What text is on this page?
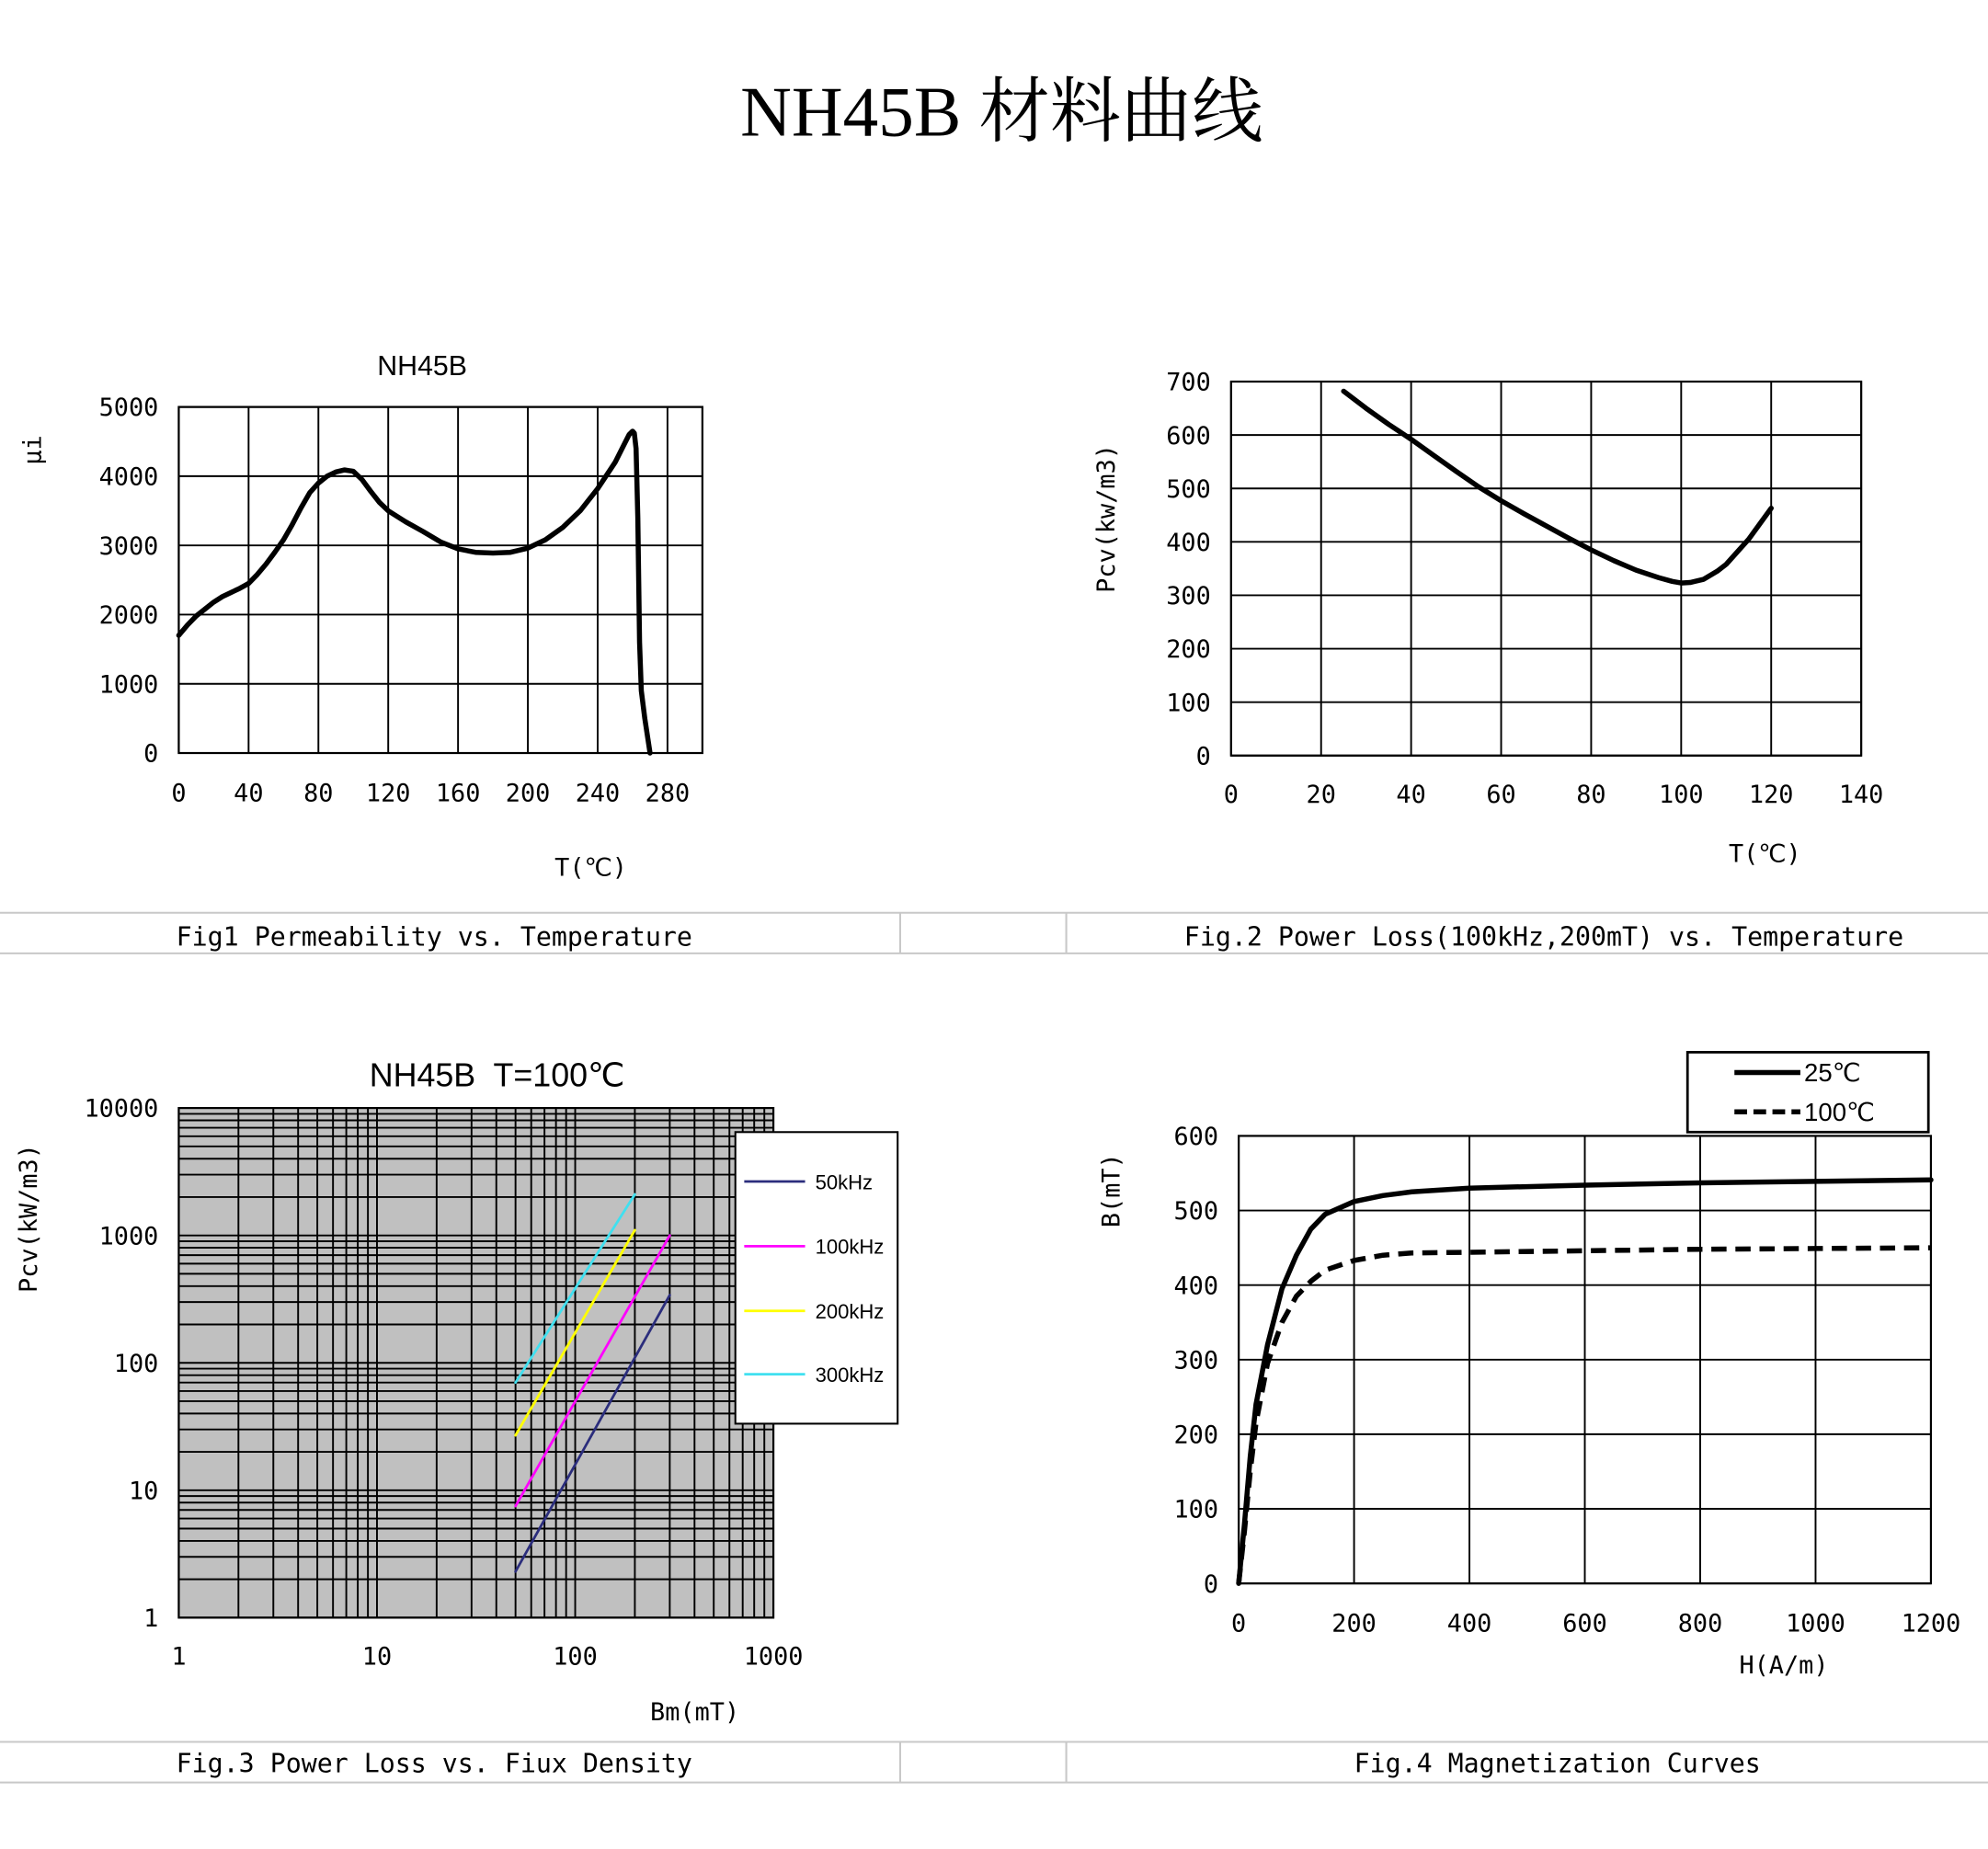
NH45B 材料曲线
NH45B
0	40 80 120 160 200 240 280
0
1000
2000
3000
4000
5000
T(℃)
μi
0	20	40	60	80	100	120	140
0
100
200
300
400
500
600
700
T(℃)
Pcv(kw/m3)
NH45B  T=100℃
1	10	100	1000
1
10
100
1000
10000
50kHz
100kHz
200kHz
300kHz
Bm(mT)
Pcv(kW/m3)
0	200	400	600	800	1000	1200
0
100
200
300
400
500
600
25℃
100℃
H(A/m)
B(mT)
Fig1 Permeability vs. Temperature	Fig.2 Power Loss(100kHz,200mT) vs. Temperature
Fig.3 Power Loss vs. Fiux Density	Fig.4 Magnetization Curves
